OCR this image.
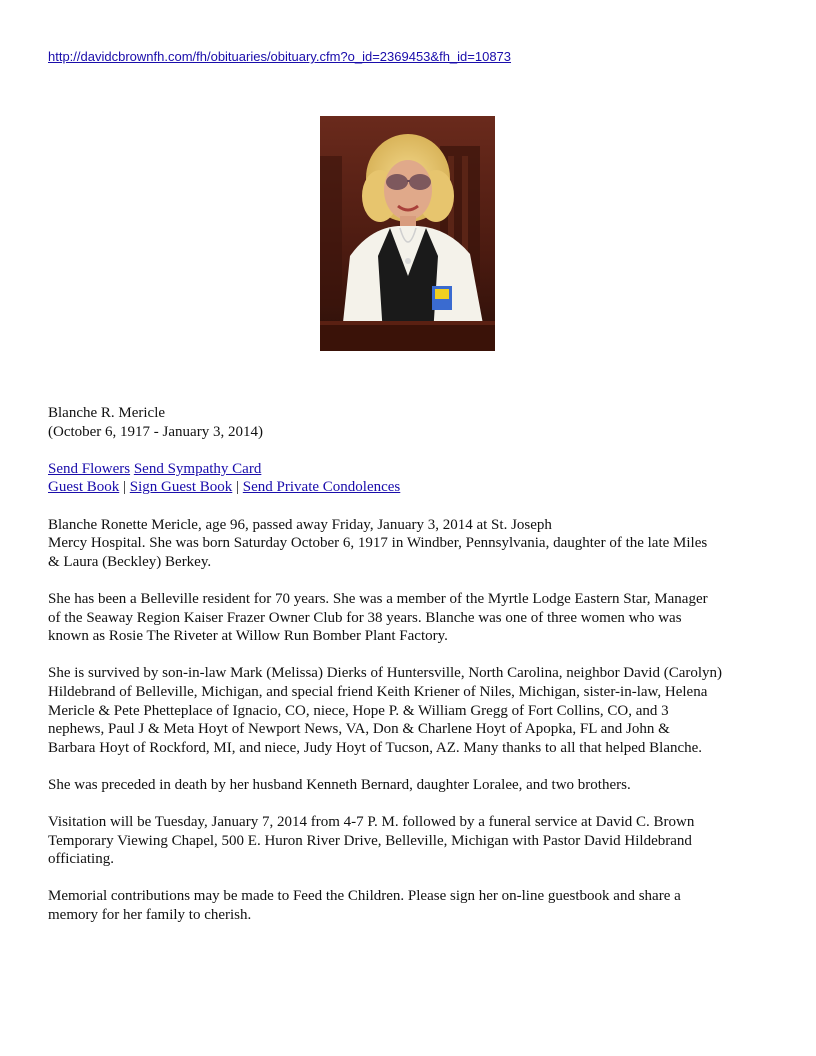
http://davidcbrownfh.com/fh/obituaries/obituary.cfm?o_id=2369453&fh_id=10873

Blanche R. Mericle
(October 6, 1917 - January 3, 2014)

Send Flowers Send Sympathy Card
Guest Book | Sign Guest Book | Send Private Condolences

Blanche Ronette Mericle, age 96, passed away Friday, January 3, 2014 at St. Joseph
Mercy Hospital. She was born Saturday October 6, 1917 in Windber, Pennsylvania, daughter of the late Miles
& Laura (Beckley) Berkey.

She has been a Belleville resident for 70 years. She was a member of the Myrtle Lodge Eastern Star, Manager
of the Seaway Region Kaiser Frazer Owner Club for 38 years. Blanche was one of three women who was
known as Rosie The Riveter at Willow Run Bomber Plant Factory.

She is survived by son-in-law Mark (Melissa) Dierks of Huntersville, North Carolina, neighbor David (Carolyn)
Hildebrand of Belleville, Michigan, and special friend Keith Kriener of Niles, Michigan, sister-in-law, Helena
Mericle & Pete Phetteplace of Ignacio, CO, niece, Hope P. & William Gregg of Fort Collins, CO, and 3
nephews, Paul J & Meta Hoyt of Newport News, VA, Don & Charlene Hoyt of Apopka, FL and John &
Barbara Hoyt of Rockford, MI, and niece, Judy Hoyt of Tucson, AZ. Many thanks to all that helped Blanche.

She was preceded in death by her husband Kenneth Bernard, daughter Loralee, and two brothers.

Visitation will be Tuesday, January 7, 2014 from 4-7 P. M. followed by a funeral service at David C. Brown
Temporary Viewing Chapel, 500 E. Huron River Drive, Belleville, Michigan with Pastor David Hildebrand
officiating.

Memorial contributions may be made to Feed the Children. Please sign her on-line guestbook and share a
memory for her family to cherish.
